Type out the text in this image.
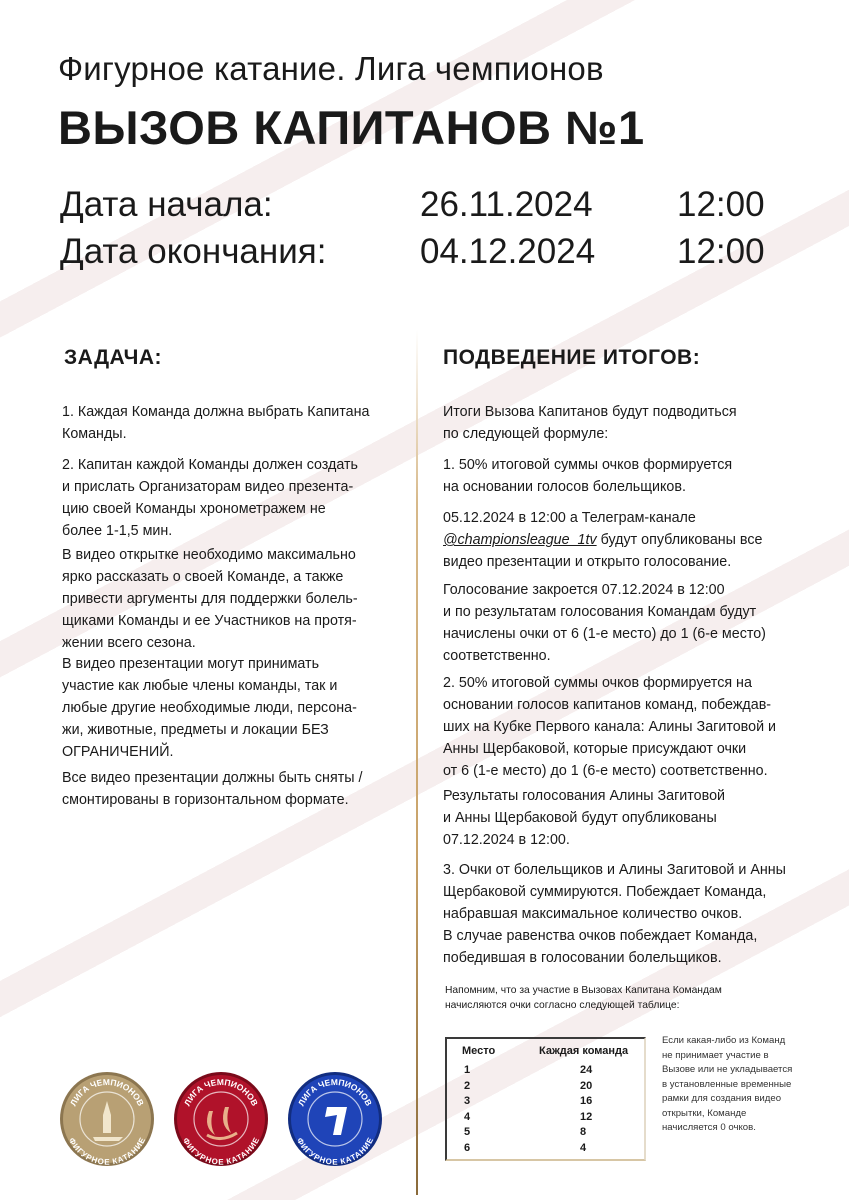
Фигурное катание. Лига чемпионов
ВЫЗОВ КАПИТАНОВ №1
Дата начала:	26.11.2024 12:00
Дата окончания:	04.12.2024 12:00
ЗАДАЧА:	ПОДВЕДЕНИЕ ИТОГОВ:
1. Каждая Команда должна выбрать Капитана
Команды.
2. Капитан каждой Команды должен создать
и прислать Организаторам видео презента-
цию своей Команды хронометражем не
более 1-1,5 мин.
В видео открытке необходимо максимально
ярко рассказать о своей Команде, а также
привести аргументы для поддержки болель-
щиками Команды и ее Участников на протя-
жении всего сезона.
В видео презентации могут принимать
участие как любые члены команды, так и
любые другие необходимые люди, персона-
жи, животные, предметы и локации БЕЗ
ОГРАНИЧЕНИЙ.
Все видео презентации должны быть сняты /
смонтированы в горизонтальном формате.
Итоги Вызова Капитанов будут подводиться
по следующей формуле:
1. 50% итоговой суммы очков формируется
на основании голосов болельщиков.
05.12.2024 в 12:00 а Телеграм-канале
@championsleague_1tv будут опубликованы все
видео презентации и открыто голосование.
Голосование закроется 07.12.2024 в 12:00
и по результатам голосования Командам будут
начислены очки от 6 (1-е место) до 1 (6-е место)
соответственно.
2. 50% итоговой суммы очков формируется на
основании голосов капитанов команд, побеждав-
ших на Кубке Первого канала: Алины Загитовой и
Анны Щербаковой, которые присуждают очки
от 6 (1-е место) до 1 (6-е место) соответственно.
Результаты голосования Алины Загитовой
и Анны Щербаковой будут опубликованы
07.12.2024 в 12:00.
3. Очки от болельщиков и Алины Загитовой и Анны
Щербаковой суммируются. Побеждает Команда,
набравшая максимальное количество очков.
В случае равенства очков побеждает Команда,
победившая в голосовании болельщиков.
Напомним, что за участие в Вызовах Капитана Командам
начисляются очки согласно следующей таблице:
Место	Каждая команда
1	24
2	20
3	16
4	12
5	8
6	4
Если какая-либо из Команд
не принимает участие в
Вызове или не укладывается
в установленные временные
рамки для создания видео
открытки, Команде
начисляется 0 очков.
ЛИГА ЧЕМПИОНОВ
ФИГУРНОЕ КАТАНИЕ
ЛИГА ЧЕМПИОНОВ
ФИГУРНОЕ КАТАНИЕ
ЛИГА ЧЕМПИОНОВ
ФИГУРНОЕ КАТАНИЕ
